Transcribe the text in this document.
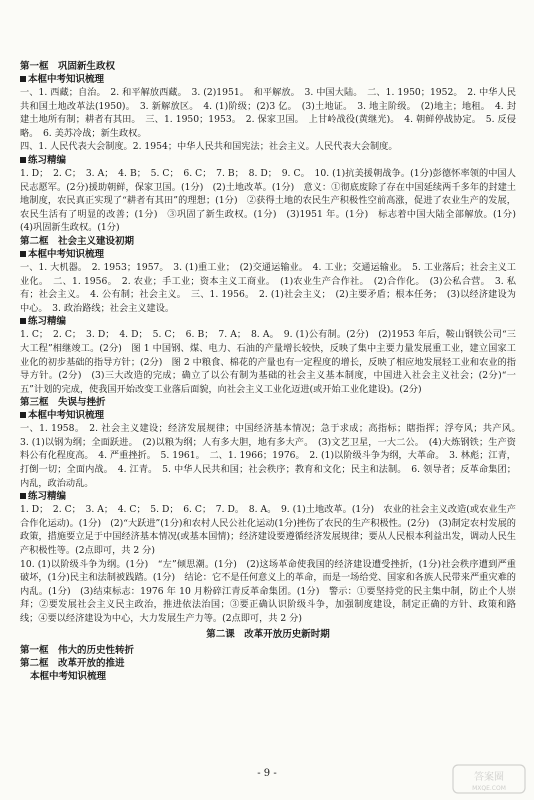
第一框　巩固新生政权

本框中考知识梳理

一、1. 西藏；自治。　2. 和平解放西藏。　3. (2)1951。　和平解放。　3. 中国大陆。　二、1. 1950；1952。　2. 中华人民共和国土地改革法(1950)。　3. 新解放区。　4. (1)阶级；(2)3 亿。　(3)土地证。　3. 地主阶级。　(2)地主；地租。　4. 封建土地所有制；耕者有其田。　三、1. 1950；1953。　2. 保家卫国。　上甘岭战役(黄继光)。　4. 朝鲜停战协定。　5. 反侵略。　6. 美苏冷战；新生政权。

四、1. 人民代表大会制度。2. 1954；中华人民共和国宪法；社会主义。人民代表大会制度。

练习精编

1. D；　2. C；　3. A；　4. B；　5. C；　6. C；　7. B；　8. D；　9. C。　10. (1)抗美援朝战争。(1分)彭德怀率领的中国人民志愿军。(2分)援助朝鲜，保家卫国。(1分)　(2)土地改革。(1分)　意义：①彻底废除了存在中国延续两千多年的封建土地制度，农民真正实现了“耕者有其田”的理想；(1分)　②获得土地的农民生产积极性空前高涨，促进了农业生产的发展，农民生活有了明显的改善；(1分)　③巩固了新生政权。(1分)　(3)1951 年。(1分)　标志着中国大陆全部解放。(1分)　(4)巩固新生政权。(1分)

第二框　社会主义建设初期

本框中考知识梳理

一、1. 大机器。　2. 1953；1957。　3. (1)重工业；　(2)交通运输业。　4. 工业；交通运输业。　5. 工业落后；社会主义工业化。　二、1. 1956。　2. 农业；手工业；资本主义工商业。　(1)农业生产合作社。　(2)合作化。　(3)公私合营。　3. 私有；社会主义。　4. 公有制；社会主义。　三、1. 1956。　2. (1)社会主义；　(2)主要矛盾；根本任务；　(3)以经济建设为中心。　3. 政治路线；社会主义建设。

练习精编

1. C；　2. C；　3. D；　4. D；　5. C；　6. B；　7. A；　8. A。　9. (1)公有制。(2分)　(2)1953 年后，鞍山钢铁公司“三大工程”相继竣工。(2分)　图 1 中国钢、煤、电力、石油的产量增长较快，反映了集中主要力量发展重工业，建立国家工业化的初步基础的指导方针；(2分)　图 2 中粮食、棉花的产量也有一定程度的增长，反映了相应地发展轻工业和农业的指导方针。(2分)　(3)三大改造的完成；确立了以公有制为基础的社会主义基本制度，中国进入社会主义社会；(2分)“一五”计划的完成，使我国开始改变工业落后面貌，向社会主义工业化迈进(或开始工业化建设)。(2分)

第三框　失误与挫折

本框中考知识梳理

一、1. 1958。　2. 社会主义建设；经济发展规律；中国经济基本情况；急于求成；高指标；瞎指挥；浮夸风；共产风。　3. (1)以钢为纲；全面跃进。　(2)以粮为纲；人有多大胆，地有多大产。　(3)文艺卫星，一大二公。　(4)大炼钢铁；生产资料公有化程度高。　4. 严重挫折。　5. 1961。　二、1. 1966；1976。　2. (1)以阶级斗争为纲，大革命。　3. 林彪；江青，打倒一切；全面内战。　4. 江青。　5. 中华人民共和国；社会秩序；教育和文化；民主和法制。　6. 领导者；反革命集团；内乱，政治动乱。

练习精编

1. D；　2. C；　3. A；　4. C；　5. D；　6. C；　7. D。　8. A。　9. (1)土地改革。(1分)　农业的社会主义改造(或农业生产合作化运动)。(1分)　(2)“大跃进”(1分)和农村人民公社化运动(1分)挫伤了农民的生产积极性。(2分)　(3)制定农村发展的政策，措施要立足于中国经济基本情况(或基本国情)；经济建设要遵循经济发展规律；要从人民根本利益出发，调动人民生产积极性等。(2点即可，共 2 分)

10. (1)以阶级斗争为纲。(1分)　“左”倾思潮。(1分)　(2)这场革命使我国的经济建设遭受挫折，(1分)社会秩序遭到严重破坏，(1分)民主和法制被践踏。(1分)　结论：它不是任何意义上的革命，而是一场给党、国家和各族人民带来严重灾难的内乱。(1分)　(3)结束标志：1976 年 10 月粉碎江青反革命集团。(1分)　警示：①要坚持党的民主集中制，防止个人崇拜；②要发展社会主义民主政治，推进依法治国；③要正确认识阶级斗争，加强制度建设，制定正确的方针、政策和路线；④要以经济建设为中心，大力发展生产力等。(2点即可，共 2 分)

第二课　改革开放历史新时期

第一框　伟大的历史性转折

第二框　改革开放的推进

本框中考知识梳理

- 9 -	答案圈
MXQE.COM
